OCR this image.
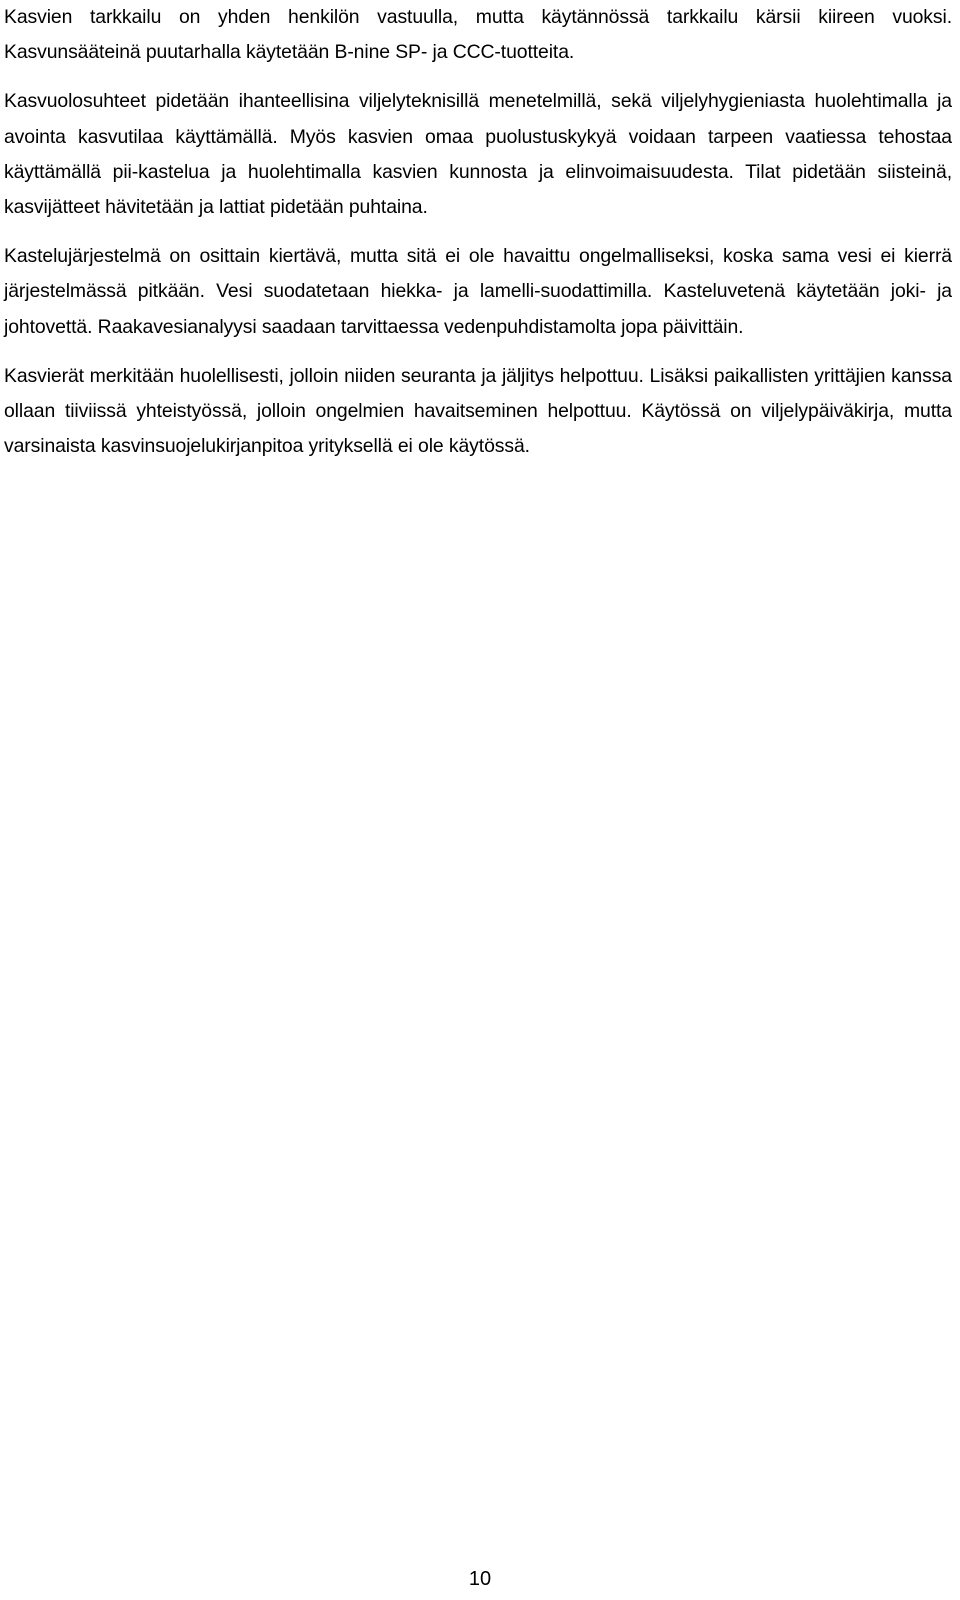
Kasvien tarkkailu on yhden henkilön vastuulla, mutta käytännössä tarkkailu kärsii kiireen vuoksi. Kasvunsääteinä puutarhalla käytetään B-nine SP- ja CCC-tuotteita.

Kasvuolosuhteet pidetään ihanteellisina viljelyteknisillä menetelmillä, sekä viljelyhygieniasta huolehtimalla ja avointa kasvutilaa käyttämällä. Myös kasvien omaa puolustuskykyä voidaan tarpeen vaatiessa tehostaa käyttämällä pii-kastelua ja huolehtimalla kasvien kunnosta ja elinvoimaisuudesta. Tilat pidetään siisteinä, kasvijätteet hävitetään ja lattiat pidetään puhtaina.

Kastelujärjestelmä on osittain kiertävä, mutta sitä ei ole havaittu ongelmalliseksi, koska sama vesi ei kierrä järjestelmässä pitkään. Vesi suodatetaan hiekka- ja lamelli-suodattimilla. Kasteluvetenä käytetään joki- ja johtovettä. Raakavesianalyysi saadaan tarvittaessa vedenpuhdistamolta jopa päivittäin.

Kasvierät merkitään huolellisesti, jolloin niiden seuranta ja jäljitys helpottuu. Lisäksi paikallisten yrittäjien kanssa ollaan tiiviissä yhteistyössä, jolloin ongelmien havaitseminen helpottuu. Käytössä on viljelypäiväkirja, mutta varsinaista kasvinsuojelukirjanpitoa yrityksellä ei ole käytössä.

10
